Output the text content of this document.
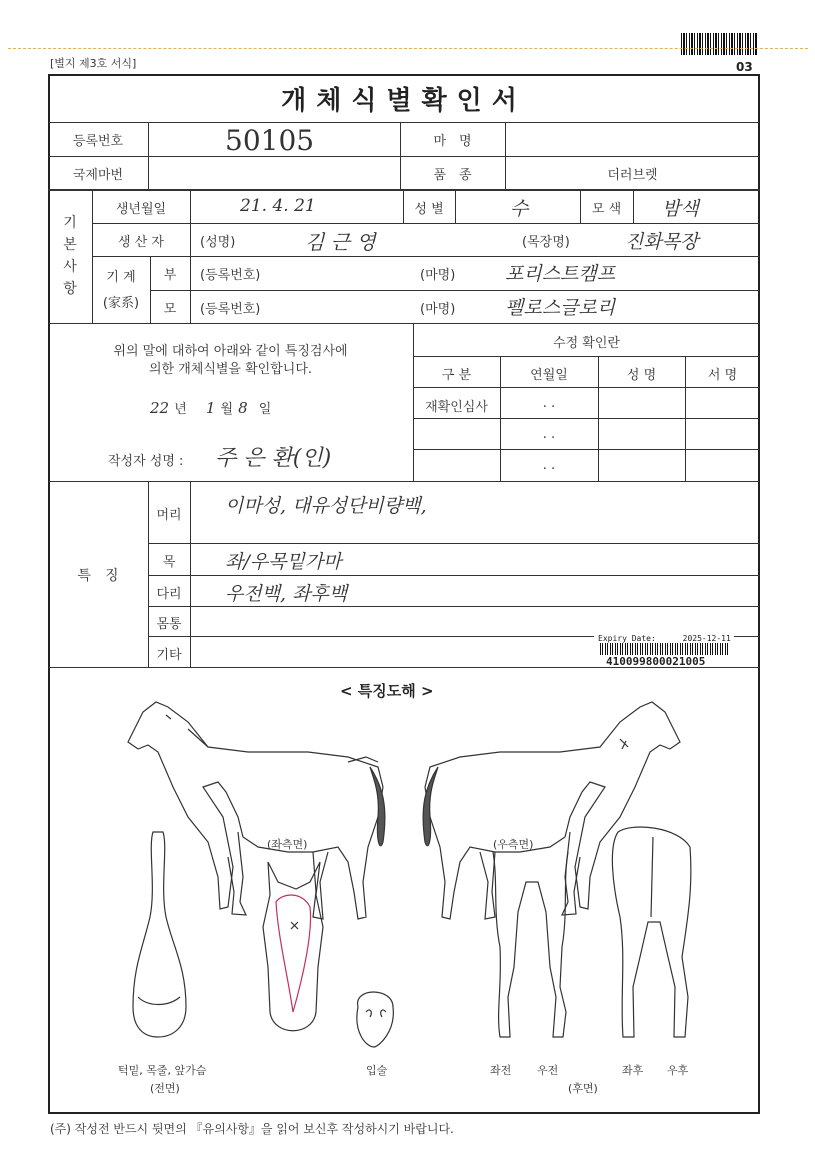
03
[별지 제3호 서식]
개체식별확인서
등록번호	50105	마　명
국제마번	품　종	더러브렛
기 본 사 항
생년월일	21. 4. 21	성 별	수	모 색	밤색
생 산 자	(성명)	김 근 영	(목장명)	진화목장
기 계
(家系)
부	(등록번호)	(마명)	포리스트캠프
모	(등록번호)	(마명)	펠로스글로리
위의 말에 대하여 아래와 같이 특징검사에
의한 개체식별을 확인합니다.
22 년 1 월 8 일
작성자 성명 : 주 은 환(인)
수정 확인란
구 분	연월일	성 명	서 명
재확인심사	. .
. .
. .
특　징
머리	이마성, 대유성단비량백,
목	좌/우목밑가마
다리	우전백, 좌후백
몸통
기타
Expiry Date:	2025-12-11
410099800021005
< 특징도해 >
(좌측면)	(우측면)
턱밑, 목줄, 앞가슴
(전면)
입술	좌전 우전	좌후 우후
(후면)
(주) 작성전 반드시 뒷면의 『유의사항』을 읽어 보신후 작성하시기 바랍니다.
